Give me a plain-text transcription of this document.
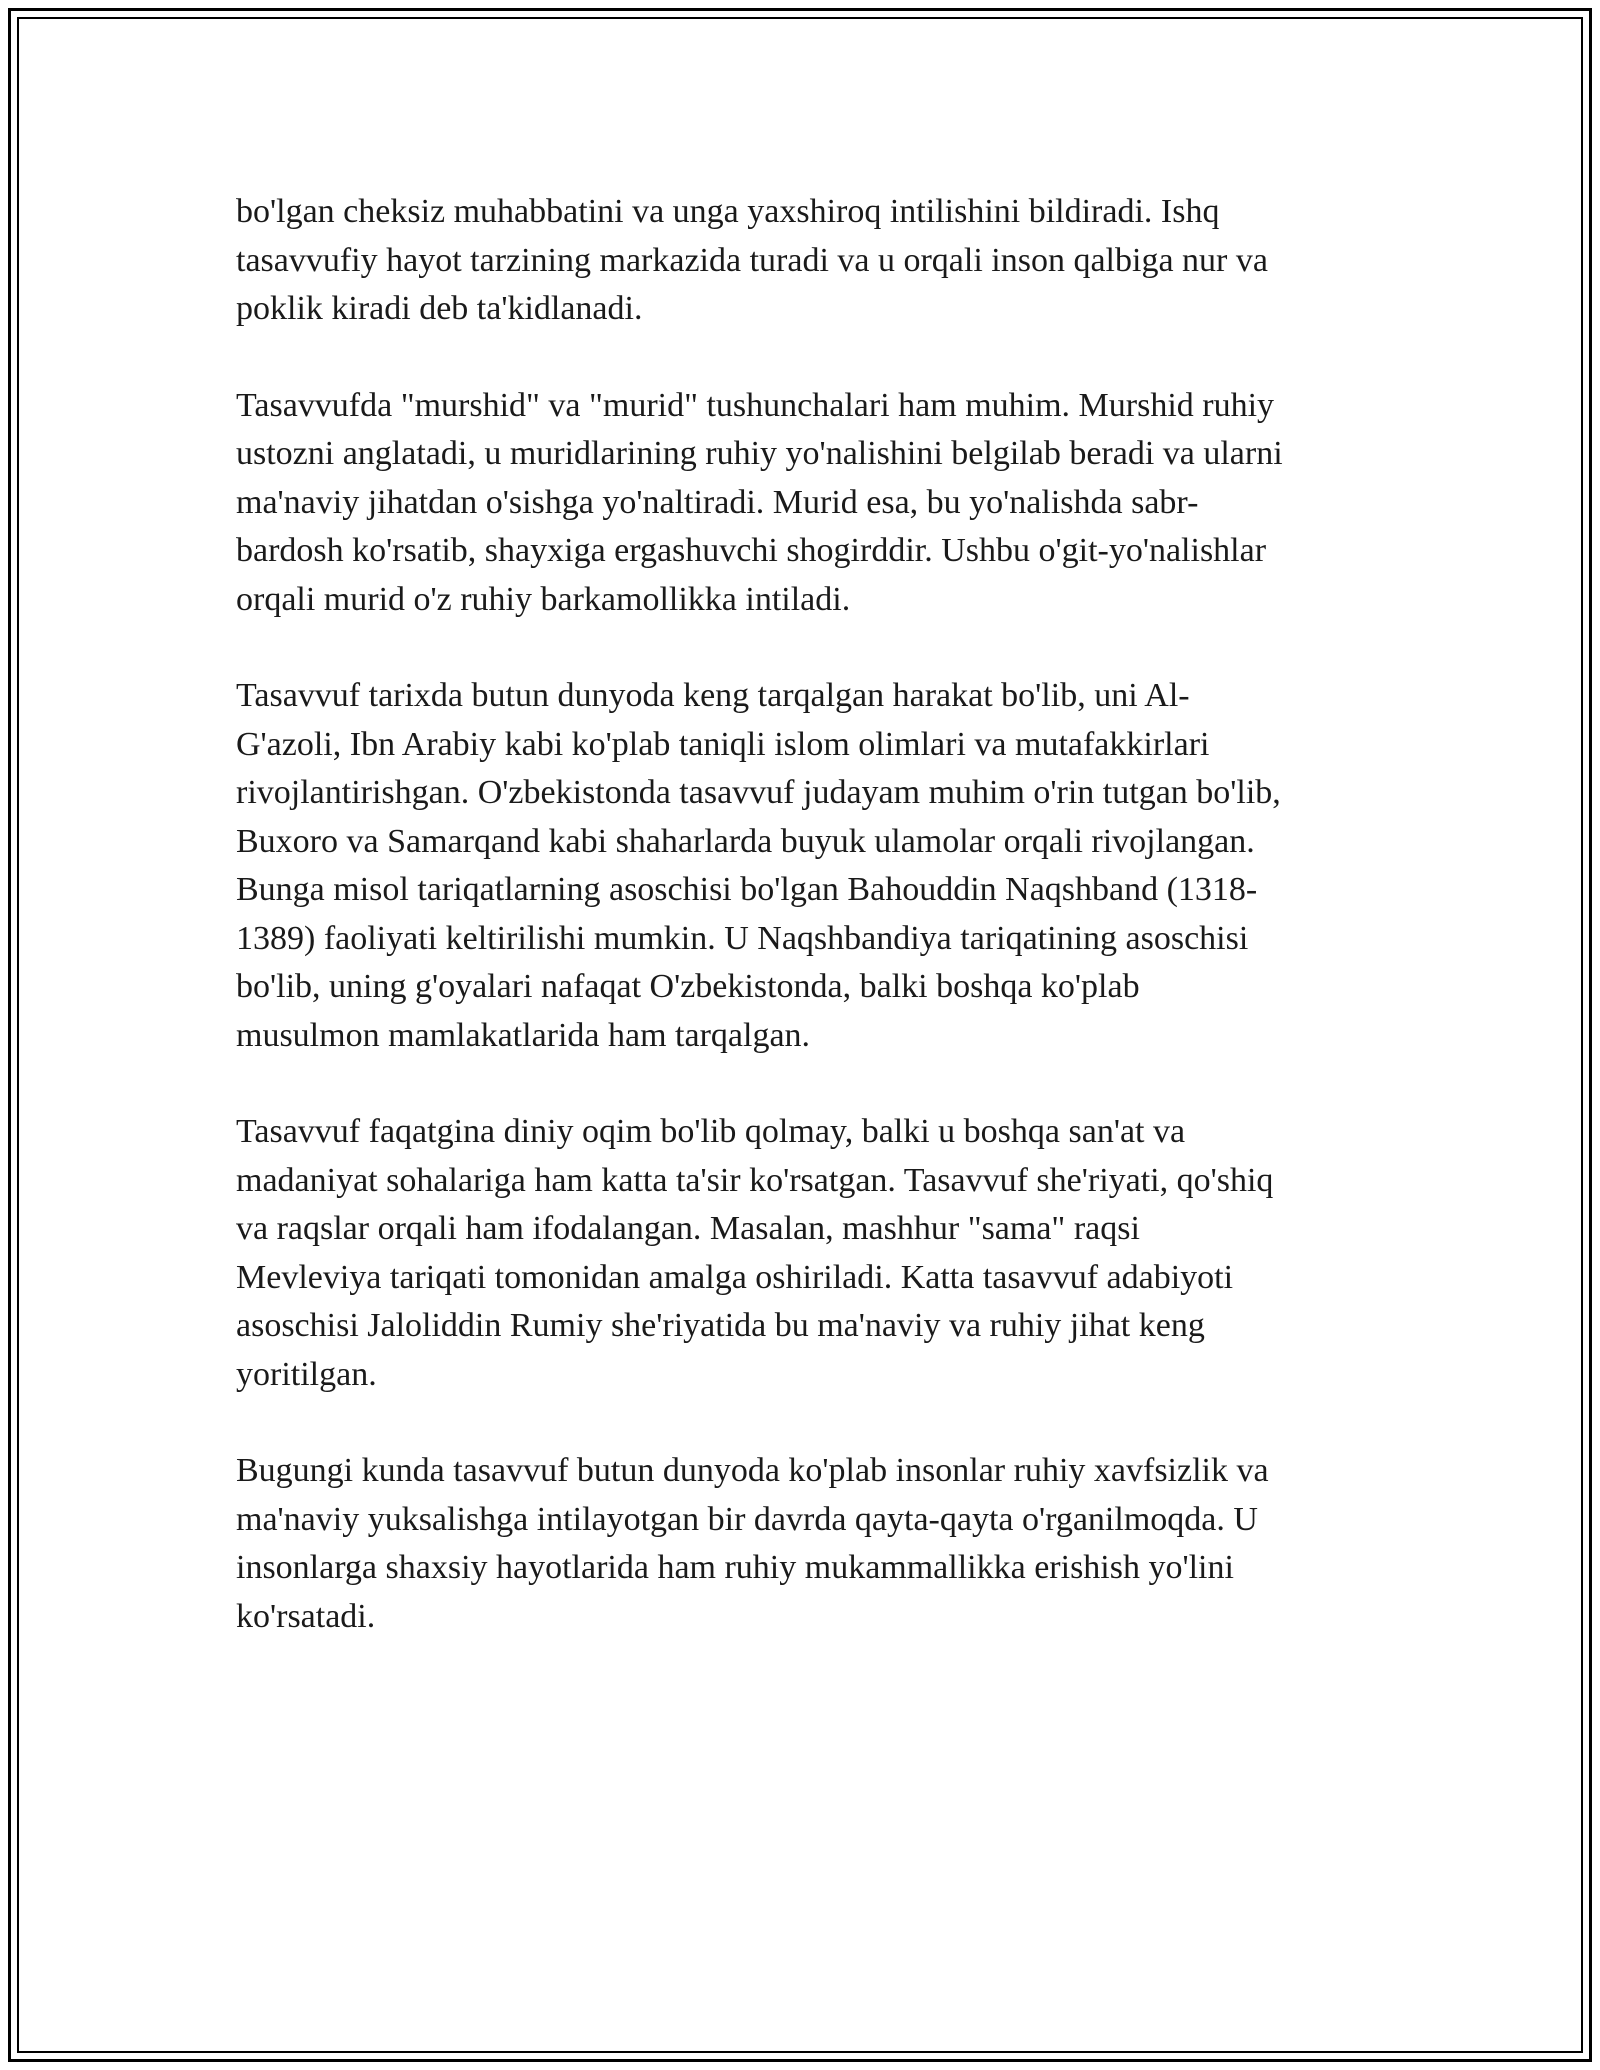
bo'lgan cheksiz muhabbatini va unga yaxshiroq intilishini bildiradi. Ishq
tasavvufiy hayot tarzining markazida turadi va u orqali inson qalbiga nur va
poklik kiradi deb ta'kidlanadi.

Tasavvufda "murshid" va "murid" tushunchalari ham muhim. Murshid ruhiy
ustozni anglatadi, u muridlarining ruhiy yo'nalishini belgilab beradi va ularni
ma'naviy jihatdan o'sishga yo'naltiradi. Murid esa, bu yo'nalishda sabr-
bardosh ko'rsatib, shayxiga ergashuvchi shogirddir. Ushbu o'git-yo'nalishlar
orqali murid o'z ruhiy barkamollikka intiladi.

Tasavvuf tarixda butun dunyoda keng tarqalgan harakat bo'lib, uni Al-
G'azoli, Ibn Arabiy kabi ko'plab taniqli islom olimlari va mutafakkirlari
rivojlantirishgan. O'zbekistonda tasavvuf judayam muhim o'rin tutgan bo'lib,
Buxoro va Samarqand kabi shaharlarda buyuk ulamolar orqali rivojlangan.
Bunga misol tariqatlarning asoschisi bo'lgan Bahouddin Naqshband (1318-
1389) faoliyati keltirilishi mumkin. U Naqshbandiya tariqatining asoschisi
bo'lib, uning g'oyalari nafaqat O'zbekistonda, balki boshqa ko'plab
musulmon mamlakatlarida ham tarqalgan.

Tasavvuf faqatgina diniy oqim bo'lib qolmay, balki u boshqa san'at va
madaniyat sohalariga ham katta ta'sir ko'rsatgan. Tasavvuf she'riyati, qo'shiq
va raqslar orqali ham ifodalangan. Masalan, mashhur "sama" raqsi
Mevleviya tariqati tomonidan amalga oshiriladi. Katta tasavvuf adabiyoti
asoschisi Jaloliddin Rumiy she'riyatida bu ma'naviy va ruhiy jihat keng
yoritilgan.

Bugungi kunda tasavvuf butun dunyoda ko'plab insonlar ruhiy xavfsizlik va
ma'naviy yuksalishga intilayotgan bir davrda qayta-qayta o'rganilmoqda. U
insonlarga shaxsiy hayotlarida ham ruhiy mukammallikka erishish yo'lini
ko'rsatadi.
